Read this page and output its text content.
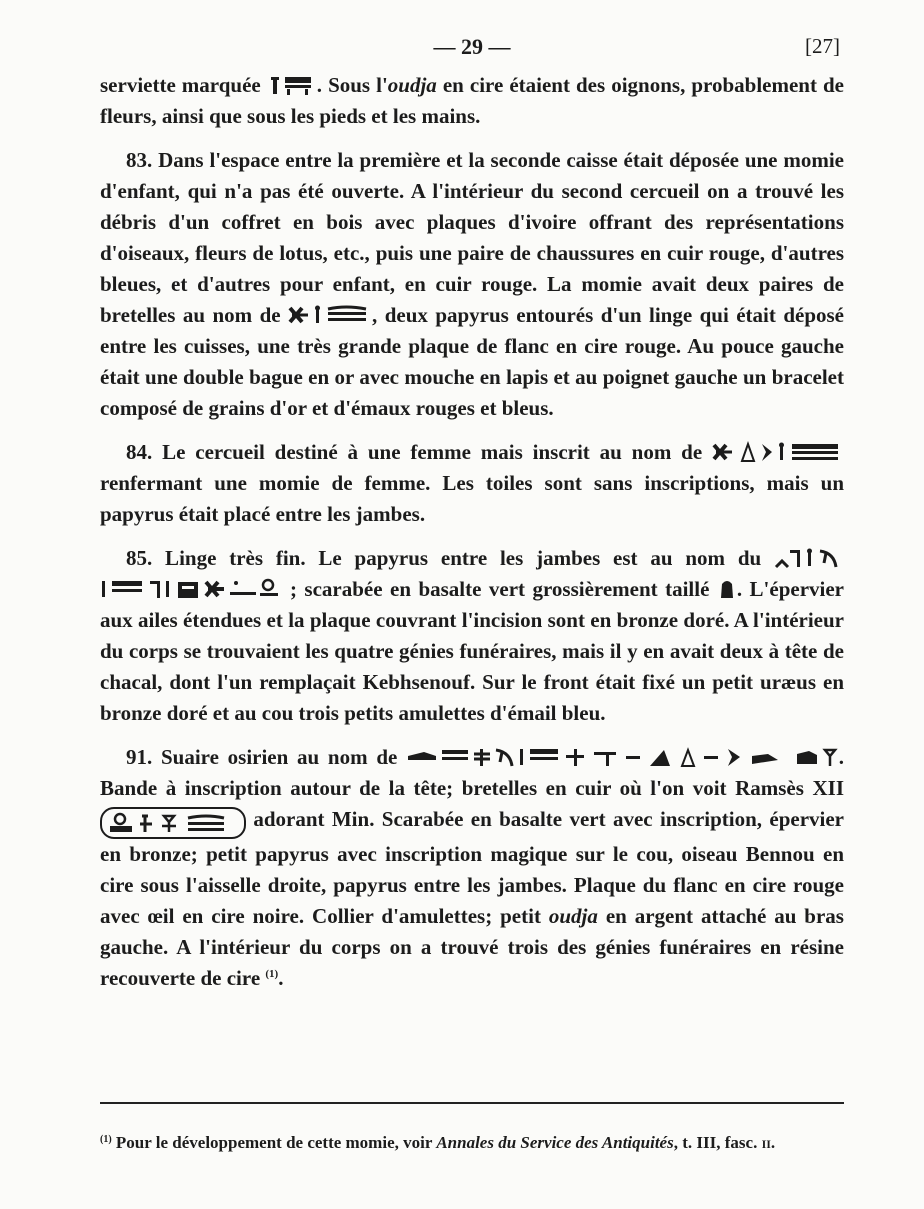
— 29 —	[27]

serviette marquée	. Sous l'oudja en cire étaient des oignons, probablement de fleurs, ainsi que sous les pieds et les mains.

83. Dans l'espace entre la première et la seconde caisse était déposée une momie d'enfant, qui n'a pas été ouverte. A l'intérieur du second cercueil on a trouvé les débris d'un coffret en bois avec plaques d'ivoire offrant des représentations d'oiseaux, fleurs de lotus, etc., puis une paire de chaussures en cuir rouge, d'autres bleues, et d'autres pour enfant, en cuir rouge. La momie avait deux paires de bretelles au nom de	, deux papyrus entourés d'un linge qui était déposé entre les cuisses, une très grande plaque de flanc en cire rouge. Au pouce gauche était une double bague en or avec mouche en lapis et au poignet gauche un bracelet composé de grains d'or et d'émaux rouges et bleus.

84. Le cercueil destiné à une femme mais inscrit au nom de
renfermant une momie de femme. Les toiles sont sans inscriptions, mais un papyrus était placé entre les jambes.

85. Linge très fin. Le papyrus entre les jambes est au nom du

; scarabée en basalte vert grossièrement taillé . L'épervier aux ailes étendues et la plaque couvrant l'incision sont en bronze doré. A l'intérieur du corps se trouvaient les quatre génies funéraires, mais il y en avait deux à tête de chacal, dont l'un remplaçait Kebhsenouf. Sur le front était fixé un petit uræus en bronze doré et au cou trois petits amulettes d'émail bleu.

91. Suaire osirien au nom de
	. Bande à inscription autour de la tête; bretelles en cuir où l'on voit Ramsès XII
adorant Min. Scarabée en basalte vert avec inscription, épervier en bronze; petit papyrus avec inscription magique sur le cou, oiseau Bennou en cire sous l'aisselle droite, papyrus entre les jambes. Plaque du flanc en cire rouge avec œil en cire noire. Collier d'amulettes; petit oudja en argent attaché au bras gauche. A l'intérieur du corps on a trouvé trois des génies funéraires en résine recouverte de cire $^{(1)}$.

$^{(1)}$ Pour le développement de cette momie, voir Annales du Service des Antiquités, t. III, fasc. ii.
